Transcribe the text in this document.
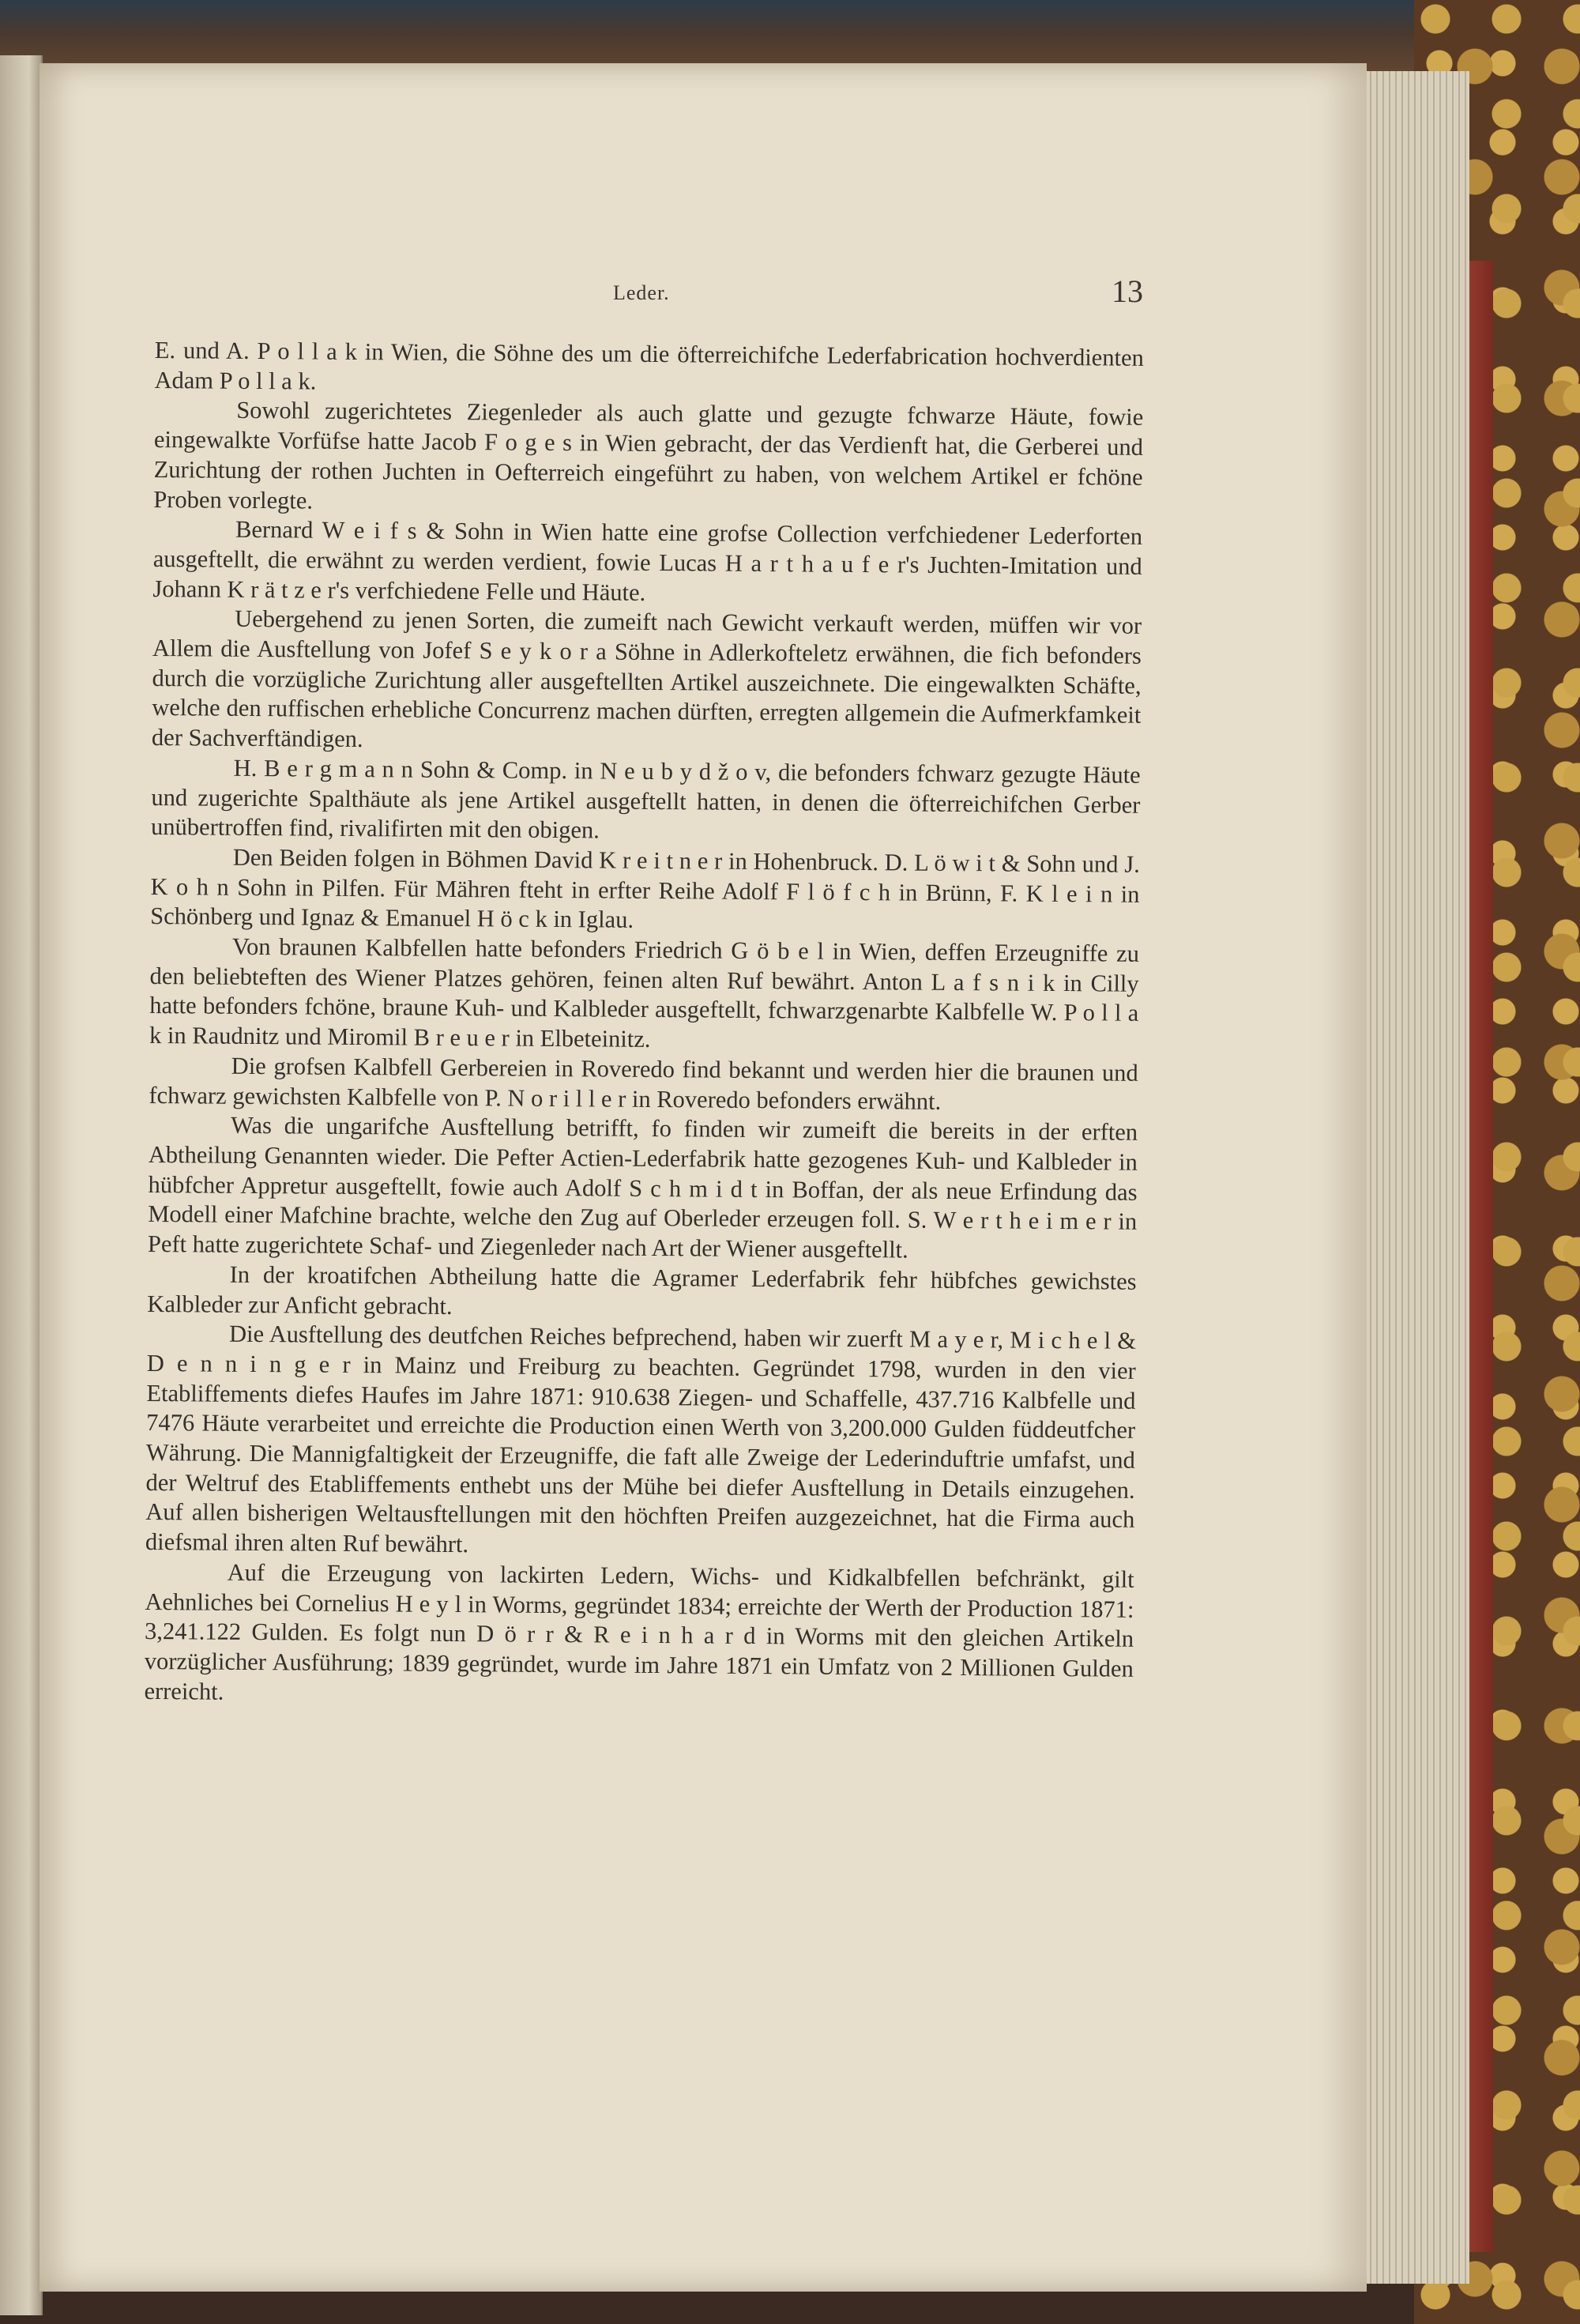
Leder.	13

E. und A. P o l l a k in Wien, die Söhne des um die öfterreichifche Lederfabrication hochverdienten Adam P o l l a k.

Sowohl zugerichtetes Ziegenleder als auch glatte und gezugte fchwarze Häute, fowie eingewalkte Vorfüfse hatte Jacob F o g e s in Wien gebracht, der das Verdienft hat, die Gerberei und Zurichtung der rothen Juchten in Oefterreich eingeführt zu haben, von welchem Artikel er fchöne Proben vorlegte.

Bernard W e i f s & Sohn in Wien hatte eine grofse Collection verfchiedener Lederforten ausgeftellt, die erwähnt zu werden verdient, fowie Lucas H a r t h a u f e r's Juchten-Imitation und Johann K r ä t z e r's verfchiedene Felle und Häute.

Uebergehend zu jenen Sorten, die zumeift nach Gewicht verkauft werden, müffen wir vor Allem die Ausftellung von Jofef S e y k o r a Söhne in Adlerkofteletz erwähnen, die fich befonders durch die vorzügliche Zurichtung aller ausgeftellten Artikel auszeichnete. Die eingewalkten Schäfte, welche den ruffischen erhebliche Concurrenz machen dürften, erregten allgemein die Aufmerkfamkeit der Sachverftändigen.

H. B e r g m a n n Sohn & Comp. in N e u b y d ž o v, die befonders fchwarz gezugte Häute und zugerichte Spalthäute als jene Artikel ausgeftellt hatten, in denen die öfterreichifchen Gerber unübertroffen find, rivalifirten mit den obigen.

Den Beiden folgen in Böhmen David K r e i t n e r in Hohenbruck. D. L ö w i t & Sohn und J. K o h n Sohn in Pilfen. Für Mähren fteht in erfter Reihe Adolf F l ö f c h in Brünn, F. K l e i n in Schönberg und Ignaz & Emanuel H ö c k in Iglau.

Von braunen Kalbfellen hatte befonders Friedrich G ö b e l in Wien, deffen Erzeugniffe zu den beliebteften des Wiener Platzes gehören, feinen alten Ruf bewährt. Anton L a f s n i k in Cilly hatte befonders fchöne, braune Kuh- und Kalbleder ausgeftellt, fchwarzgenarbte Kalbfelle W. P o l l a k in Raudnitz und Miromil B r e u e r in Elbeteinitz.

Die grofsen Kalbfell Gerbereien in Roveredo find bekannt und werden hier die braunen und fchwarz gewichsten Kalbfelle von P. N o r i l l e r in Roveredo befonders erwähnt.

Was die ungarifche Ausftellung betrifft, fo finden wir zumeift die bereits in der erften Abtheilung Genannten wieder. Die Pefter Actien-Lederfabrik hatte gezogenes Kuh- und Kalbleder in hübfcher Appretur ausgeftellt, fowie auch Adolf S c h m i d t in Boffan, der als neue Erfindung das Modell einer Mafchine brachte, welche den Zug auf Oberleder erzeugen foll. S. W e r t h e i m e r in Peft hatte zugerichtete Schaf- und Ziegenleder nach Art der Wiener ausgeftellt.

In der kroatifchen Abtheilung hatte die Agramer Lederfabrik fehr hübfches gewichstes Kalbleder zur Anficht gebracht.

Die Ausftellung des deutfchen Reiches befprechend, haben wir zuerft M a y e r, M i c h e l & D e n n i n g e r in Mainz und Freiburg zu beachten. Gegründet 1798, wurden in den vier Etabliffements diefes Haufes im Jahre 1871: 910.638 Ziegen- und Schaffelle, 437.716 Kalbfelle und 7476 Häute verarbeitet und erreichte die Production einen Werth von 3,200.000 Gulden füddeutfcher Währung. Die Mannigfaltigkeit der Erzeugniffe, die faft alle Zweige der Lederinduftrie umfafst, und der Weltruf des Etabliffements enthebt uns der Mühe bei diefer Ausftellung in Details einzugehen. Auf allen bisherigen Weltausftellungen mit den höchften Preifen auzgezeichnet, hat die Firma auch diefsmal ihren alten Ruf bewährt.

Auf die Erzeugung von lackirten Ledern, Wichs- und Kidkalbfellen befchränkt, gilt Aehnliches bei Cornelius H e y l in Worms, gegründet 1834; erreichte der Werth der Production 1871: 3,241.122 Gulden. Es folgt nun D ö r r & R e i n h a r d in Worms mit den gleichen Artikeln vorzüglicher Ausführung; 1839 gegründet, wurde im Jahre 1871 ein Umfatz von 2 Millionen Gulden erreicht.
